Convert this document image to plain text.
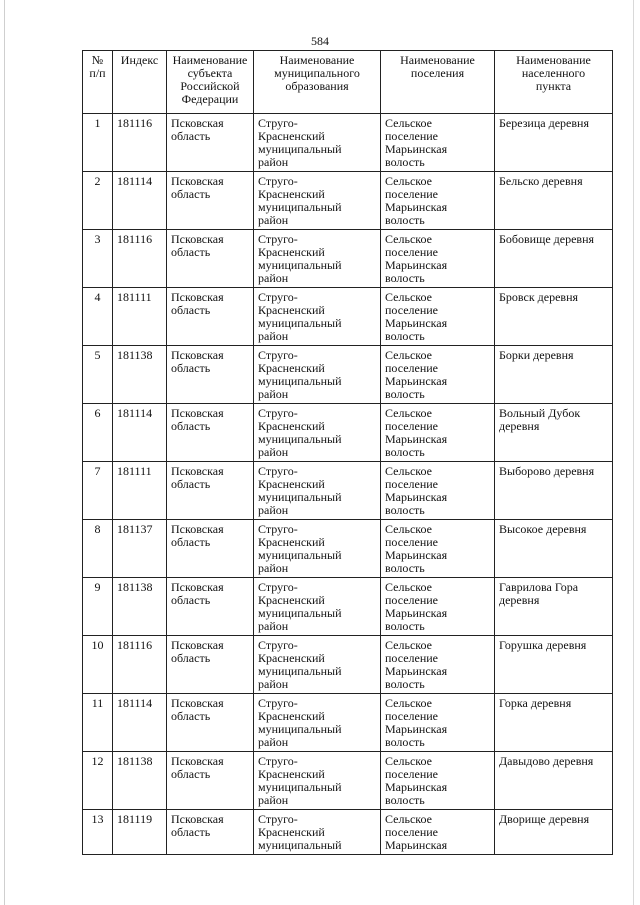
584
№
п/п	Индекс	Наименование
субъекта
Российской
Федерации	Наименование
муниципального
образования	Наименование
поселения	Наименование
населенного
пункта

1	181116	Псковская
область	Струго-
Красненский
муниципальный
район	Сельское
поселение
Марьинская
волость	Березица деревня

2	181114	Псковская
область	Струго-
Красненский
муниципальный
район	Сельское
поселение
Марьинская
волость	Бельско деревня

3	181116	Псковская
область	Струго-
Красненский
муниципальный
район	Сельское
поселение
Марьинская
волость	Бобовище деревня

4	181111	Псковская
область	Струго-
Красненский
муниципальный
район	Сельское
поселение
Марьинская
волость	Бровск деревня

5	181138	Псковская
область	Струго-
Красненский
муниципальный
район	Сельское
поселение
Марьинская
волость	Борки деревня

6	181114	Псковская
область	Струго-
Красненский
муниципальный
район	Сельское
поселение
Марьинская
волость	Вольный Дубок
деревня

7	181111	Псковская
область	Струго-
Красненский
муниципальный
район	Сельское
поселение
Марьинская
волость	Выборово деревня

8	181137	Псковская
область	Струго-
Красненский
муниципальный
район	Сельское
поселение
Марьинская
волость	Высокое деревня

9	181138	Псковская
область	Струго-
Красненский
муниципальный
район	Сельское
поселение
Марьинская
волость	Гаврилова Гора
деревня

10	181116	Псковская
область	Струго-
Красненский
муниципальный
район	Сельское
поселение
Марьинская
волость	Горушка деревня

11	181114	Псковская
область	Струго-
Красненский
муниципальный
район	Сельское
поселение
Марьинская
волость	Горка деревня

12	181138	Псковская
область	Струго-
Красненский
муниципальный
район	Сельское
поселение
Марьинская
волость	Давыдово деревня

13	181119	Псковская
область	Струго-
Красненский
муниципальный	Сельское
поселение
Марьинская	Дворище деревня
